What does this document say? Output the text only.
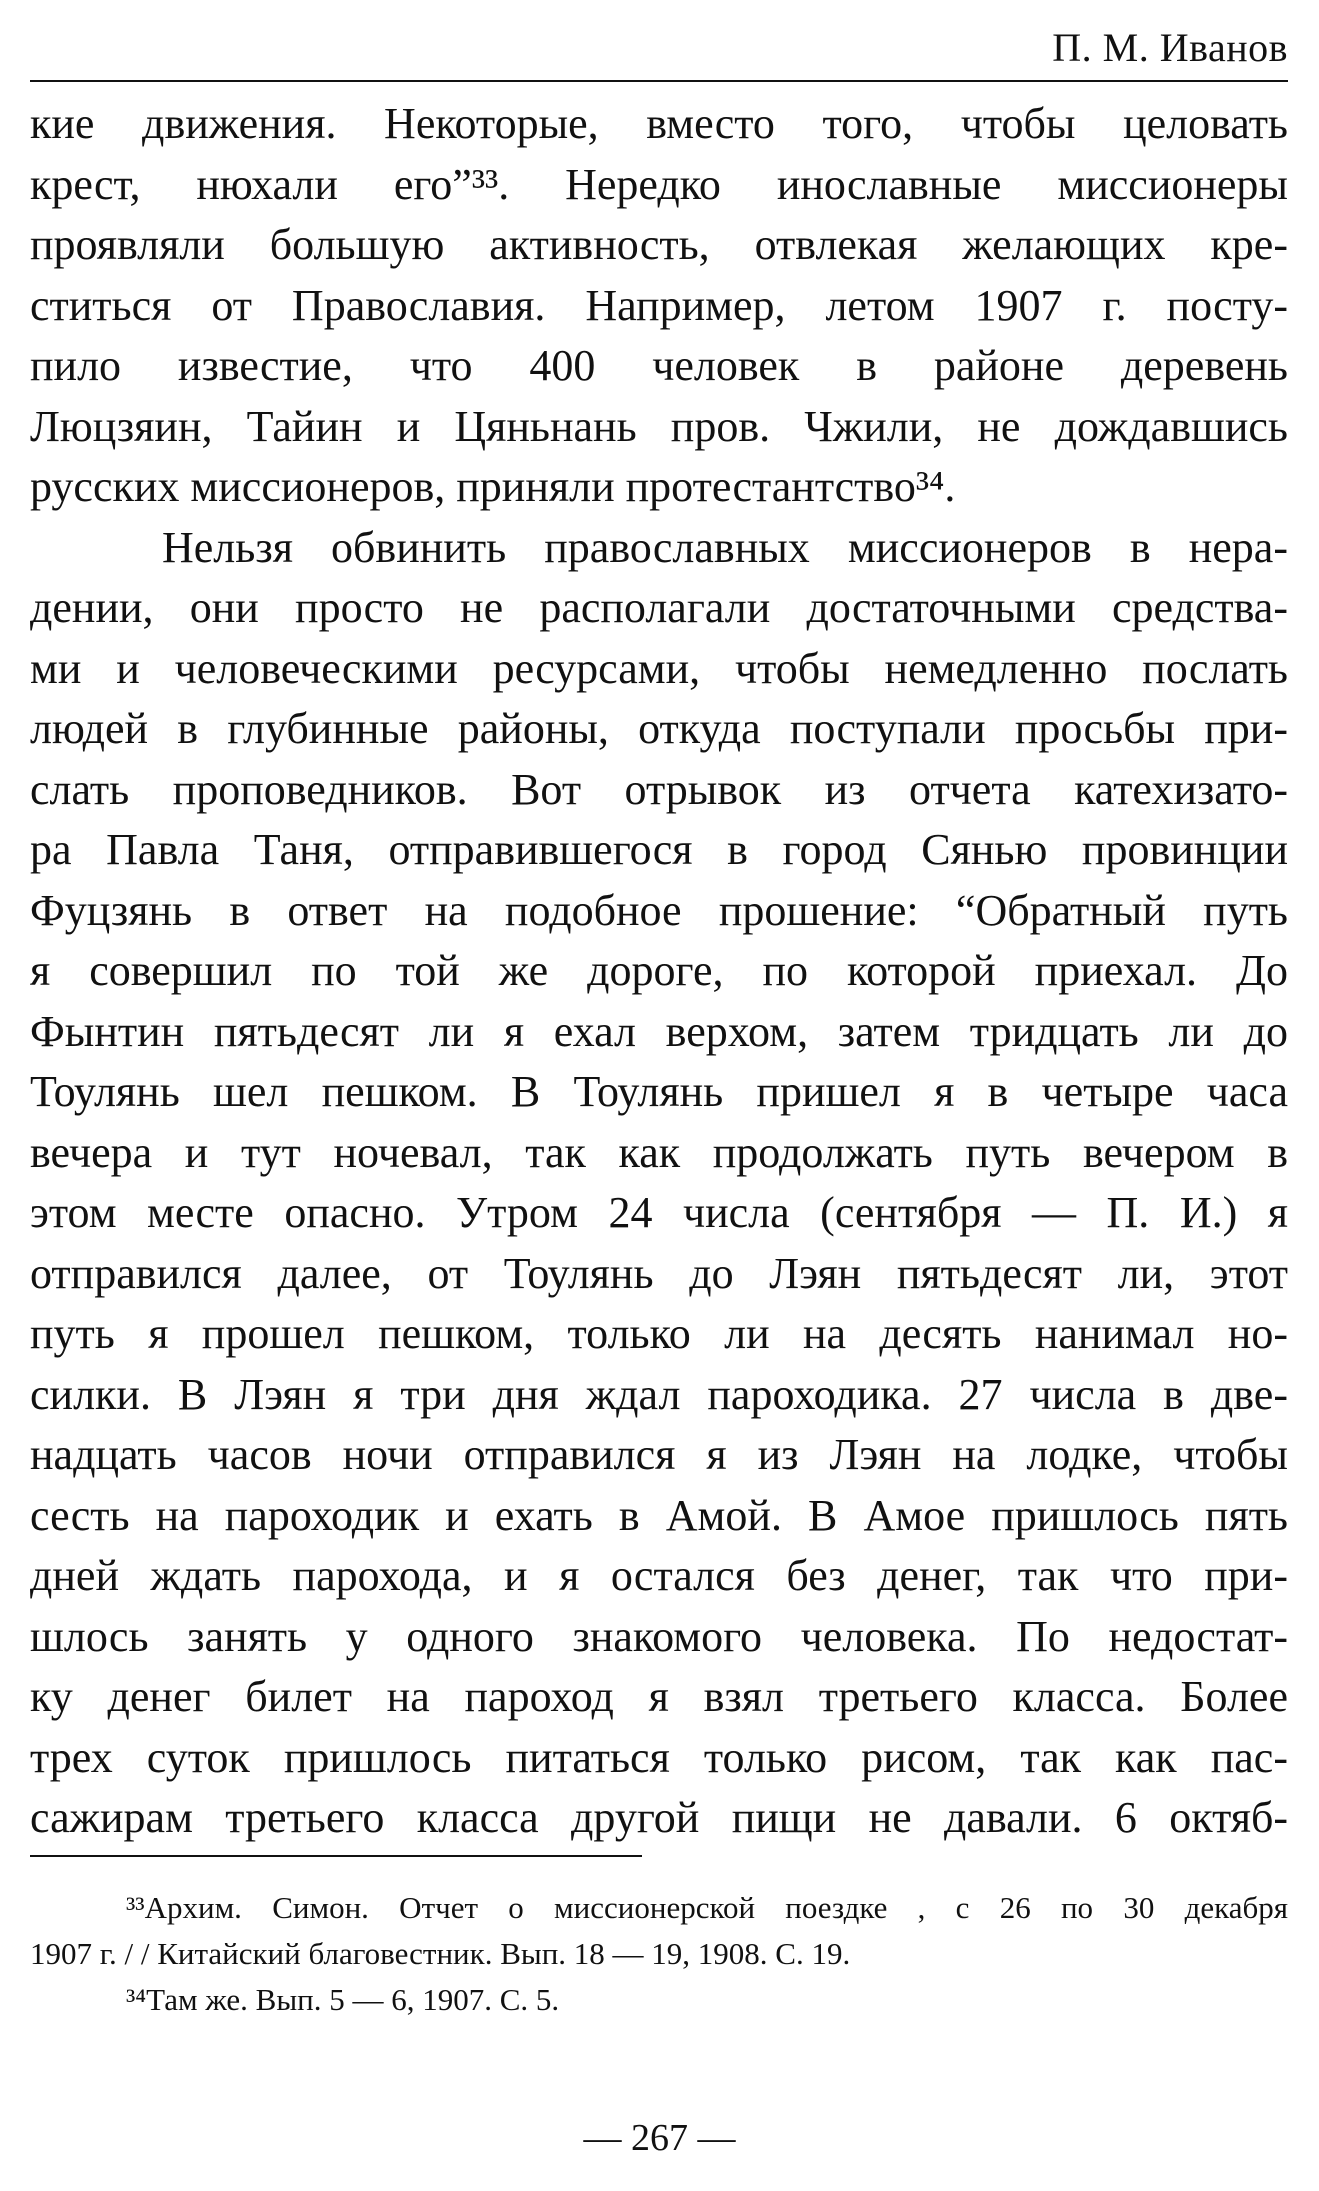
П. М. Иванов
кие движения. Некоторые, вместо того, чтобы целовать
крест, нюхали его”³³. Нередко инославные миссионеры
проявляли большую активность, отвлекая желающих кре-
ститься от Православия. Например, летом 1907 г. посту-
пило известие, что 400 человек в районе деревень
Люцзяин, Тайин и Цяньнань пров. Чжили, не дождавшись
русских миссионеров, приняли протестантство³⁴.
Нельзя обвинить православных миссионеров в нера-
дении, они просто не располагали достаточными средства-
ми и человеческими ресурсами, чтобы немедленно послать
людей в глубинные районы, откуда поступали просьбы при-
слать проповедников. Вот отрывок из отчета катехизато-
ра Павла Таня, отправившегося в город Сянью провинции
Фуцзянь в ответ на подобное прошение: “Обратный путь
я совершил по той же дороге, по которой приехал. До
Фынтин пятьдесят ли я ехал верхом, затем тридцать ли до
Тоулянь шел пешком. В Тоулянь пришел я в четыре часа
вечера и тут ночевал, так как продолжать путь вечером в
этом месте опасно. Утром 24 числа (сентября — П. И.) я
отправился далее, от Тоулянь до Лэян пятьдесят ли, этот
путь я прошел пешком, только ли на десять нанимал но-
силки. В Лэян я три дня ждал пароходика. 27 числа в две-
надцать часов ночи отправился я из Лэян на лодке, чтобы
сесть на пароходик и ехать в Амой. В Амое пришлось пять
дней ждать парохода, и я остался без денег, так что при-
шлось занять у одного знакомого человека. По недостат-
ку денег билет на пароход я взял третьего класса. Более
трех суток пришлось питаться только рисом, так как пас-
сажирам третьего класса другой пищи не давали. 6 октяб-
³³Архим. Симон. Отчет о миссионерской поездке , с 26 по 30 декабря
1907 г. / / Китайский благовестник. Вып. 18 — 19, 1908. С. 19.
³⁴Там же. Вып. 5 — 6, 1907. С. 5.
— 267 —
